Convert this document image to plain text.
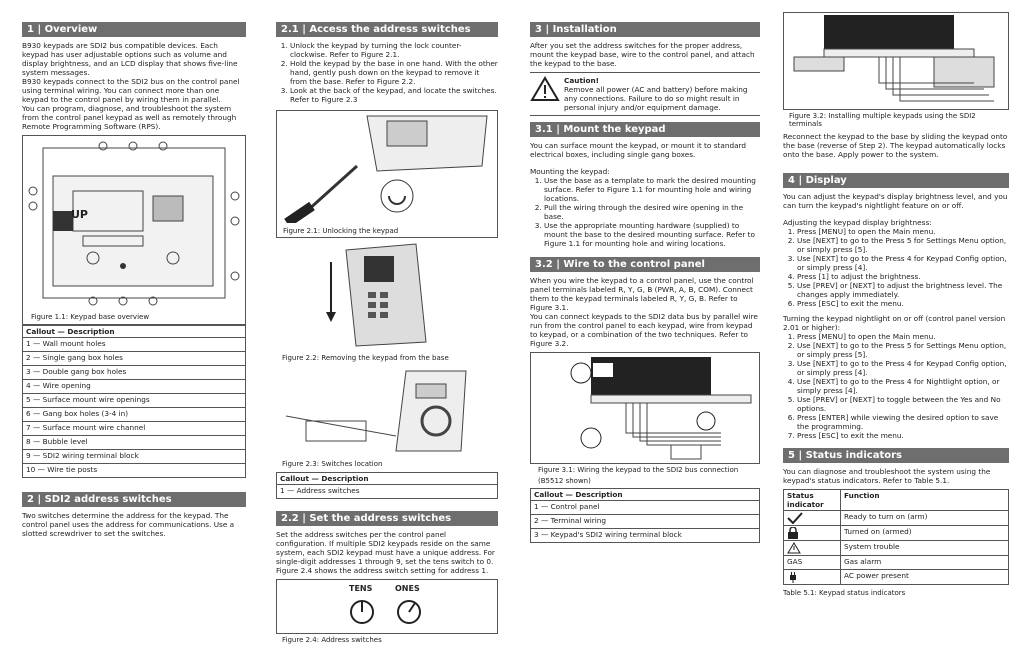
1 | Overview

B930 keypads are SDI2 bus compatible devices. Each keypad has user adjustable options such as volume and display brightness, and an LCD display that shows five-line system messages.

B930 keypads connect to the SDI2 bus on the control panel using terminal wiring. You can connect more than one keypad to the control panel by wiring them in parallel.

You can program, diagnose, and troubleshoot the system from the control panel keypad as well as remotely through Remote Programming Software (RPS).

UP
Figure 1.1: Keypad base overview
Callout — Description
1 — Wall mount holes
2 — Single gang box holes
3 — Double gang box holes
4 — Wire opening
5 — Surface mount wire openings
6 — Gang box holes (3-4 in)
7 — Surface mount wire channel
8 — Bubble level
9 — SDI2 wiring terminal block
10 — Wire tie posts
2 | SDI2 address switches

Two switches determine the address for the keypad. The control panel uses the address for communications. Use a slotted screwdriver to set the switches.

2.1 | Access the address switches
1. Unlock the keypad by turning the lock counter-clockwise. Refer to Figure 2.1.
2. Hold the keypad by the base in one hand. With the other hand, gently push down on the keypad to remove it from the base. Refer to Figure 2.2.
3. Look at the back of the keypad, and locate the switches. Refer to Figure 2.3
Figure 2.1: Unlocking the keypad
Figure 2.2: Removing the keypad from the base
Figure 2.3: Switches location
Callout — Description
1 — Address switches
2.2 | Set the address switches

Set the address switches per the control panel configuration. If multiple SDI2 keypads reside on the same system, each SDI2 keypad must have a unique address. For single-digit addresses 1 through 9, set the tens switch to 0. Figure 2.4 shows the address switch setting for address 1.

TENS	ONES
Figure 2.4: Address switches
3 | Installation

After you set the address switches for the proper address, mount the keypad base, wire to the control panel, and attach the keypad to the base.

Caution!
Remove all power (AC and battery) before making any connections. Failure to do so might result in personal injury and/or equipment damage.
3.1 | Mount the keypad

You can surface mount the keypad, or mount it to standard electrical boxes, including single gang boxes.

Mounting the keypad:

1. Use the base as a template to mark the desired mounting surface. Refer to Figure 1.1 for mounting hole and wiring locations.
2. Pull the wiring through the desired wire opening in the base.
3. Use the appropriate mounting hardware (supplied) to mount the base to the desired mounting surface. Refer to Figure 1.1 for mounting hole and wiring locations.
3.2 | Wire to the control panel

When you wire the keypad to a control panel, use the control panel terminals labeled R, Y, G, B (PWR, A, B, COM). Connect them to the keypad terminals labeled R, Y, G, B. Refer to Figure 3.1.

You can connect keypads to the SDI2 data bus by parallel wire run from the control panel to each keypad, wire from keypad to keypad, or a combination of the two techniques. Refer to Figure 3.2.

Figure 3.1: Wiring the keypad to the SDI2 bus connection
(B5512 shown)
Callout — Description
1 — Control panel
2 — Terminal wiring
3 — Keypad's SDI2 wiring terminal block
Figure 3.2: Installing multiple keypads using the SDI2 terminals

Reconnect the keypad to the base by sliding the keypad onto the base (reverse of Step 2). The keypad automatically locks onto the base. Apply power to the system.

4 | Display

You can adjust the keypad's display brightness level, and you can turn the keypad's nightlight feature on or off.

Adjusting the keypad display brightness:

1. Press [MENU] to open the Main menu.
2. Use [NEXT] to go to the Press 5 for Settings Menu option, or simply press [5].
3. Use [NEXT] to go to the Press 4 for Keypad Config option, or simply press [4].
4. Press [1] to adjust the brightness.
5. Use [PREV] or [NEXT] to adjust the brightness level. The changes apply immediately.
6. Press [ESC] to exit the menu.

Turning the keypad nightlight on or off (control panel version 2.01 or higher):

1. Press [MENU] to open the Main menu.
2. Use [NEXT] to go to the Press 5 for Settings Menu option, or simply press [5].
3. Use [NEXT] to go to the Press 4 for Keypad Config option, or simply press [4].
4. Use [NEXT] to go to the Press 4 for Nightlight option, or simply press [4].
5. Use [PREV] or [NEXT] to toggle between the Yes and No options.
6. Press [ENTER] while viewing the desired option to save the programming.
7. Press [ESC] to exit the menu.
5 | Status indicators

You can diagnose and troubleshoot the system using the keypad's status indicators. Refer to Table 5.1.

Status indicator	Function

	Ready to turn on (arm)

	Turned on (armed)

	System trouble
GAS	Gas alarm

	AC power present
Table 5.1: Keypad status indicators
